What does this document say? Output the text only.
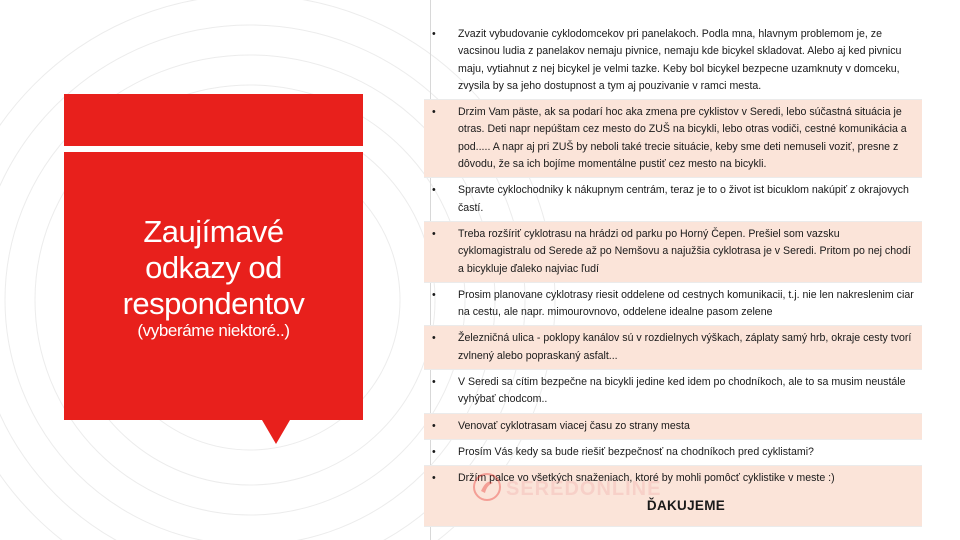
Zaujímavé
odkazy od
respondentov
(vyberáme niektoré..)
• Zvazit vybudovanie cyklodomcekov pri panelakoch. Podla mna, hlavnym problemom je, ze vacsinou ludia z panelakov nemaju pivnice, nemaju kde bicykel skladovat. Alebo aj ked pivnicu maju, vytiahnut z nej bicykel je velmi tazke. Keby bol bicykel bezpecne uzamknuty v domceku, zvysila by sa jeho dostupnost a tym aj pouzivanie v ramci mesta.
• Drzim Vam päste, ak sa podarí hoc aka zmena pre cyklistov v Seredi, lebo súčastná situácia je otras. Deti napr nepúštam cez mesto do ZUŠ na bicykli, lebo otras vodiči, cestné komunikácia a pod..... A napr aj pri ZUŠ by neboli také trecie situácie, keby sme deti nemuseli voziť, presne z dôvodu, že sa ich bojíme momentálne pustiť cez mesto na bicykli.
• Spravte cyklochodniky k nákupnym centrám, teraz je to o život ist bicuklom nakúpiť z okrajovych častí.
• Treba rozšíriť cyklotrasu na hrádzi od parku po Horný Čepen. Prešiel som vazsku cyklomagistralu od Serede až po Nemšovu a najužšia cyklotrasa je v Seredi. Pritom po nej chodí a bicykluje ďaleko najviac ľudí
• Prosim planovane cyklotrasy riesit oddelene od cestnych komunikacii, t.j. nie len nakreslenim ciar na cestu, ale napr. mimourovnovo, oddelene idealne pasom zelene
• Železničná ulica - poklopy kanálov sú v rozdielnych výškach, záplaty samý hrb, okraje cesty tvorí zvlnený alebo popraskaný asfalt...
• V Seredi sa cítim bezpečne na bicykli jedine ked idem po chodníkoch, ale to sa musim neustále vyhýbať chodcom..
• Venovať cyklotrasam viacej času zo strany mesta
• Prosím Vás kedy sa bude riešiť bezpečnosť na chodníkoch pred cyklistami?
• Držím palce vo všetkých snaženiach, ktoré by mohli pomôcť cyklistike v meste :)
ĎAKUJEME
SEREDONLINE
